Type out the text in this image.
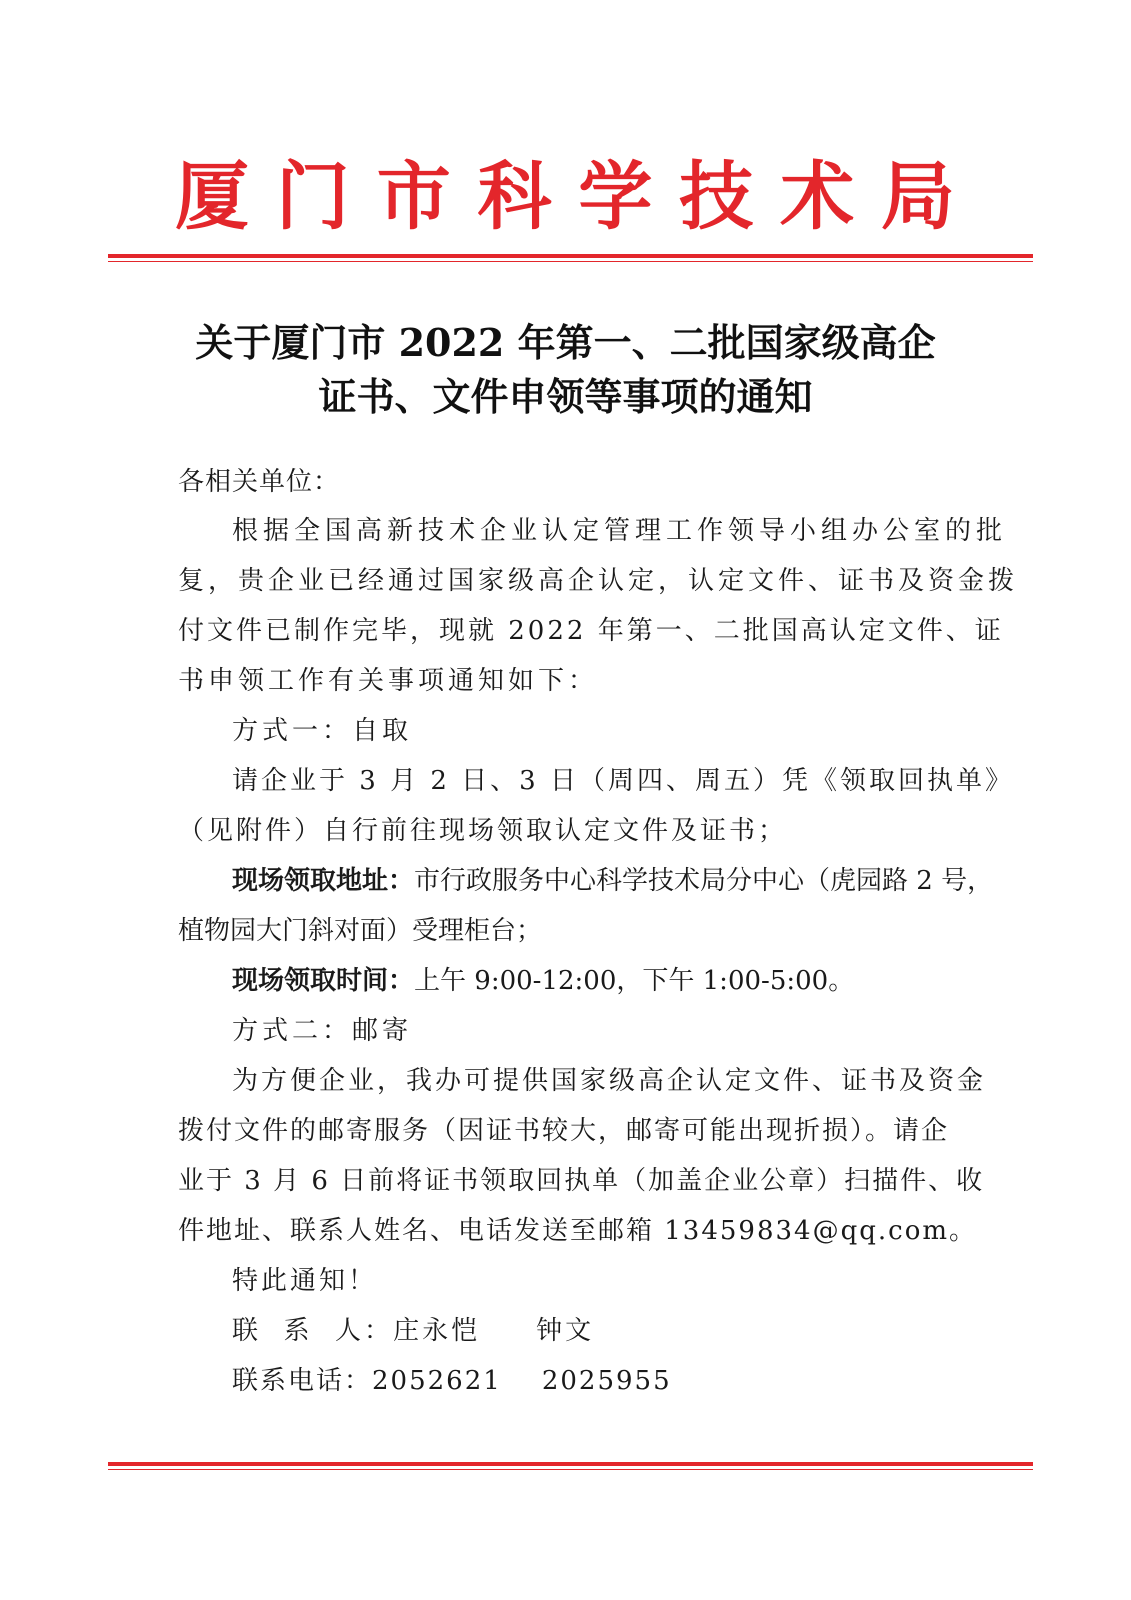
厦 门 市 科 学 技 术 局
关于厦门市 2022 年第一、二批国家级高企
证书、文件申领等事项的通知
各相关单位：
根据全国高新技术企业认定管理工作领导小组办公室的批
复，贵企业已经通过国家级高企认定，认定文件、证书及资金拨
付文件已制作完毕，现就 2022 年第一、二批国高认定文件、证
书申领工作有关事项通知如下：
方式一：自取
请企业于 3 月 2 日、3 日（周四、周五）凭《领取回执单》
（见附件）自行前往现场领取认定文件及证书；
现场领取地址：市行政服务中心科学技术局分中心（虎园路 2 号，
植物园大门斜对面）受理柜台；
现场领取时间：上午 9:00-12:00，下午 1:00-5:00。
方式二：邮寄
为方便企业，我办可提供国家级高企认定文件、证书及资金
拨付文件的邮寄服务（因证书较大，邮寄可能出现折损）。请企
业于 3 月 6 日前将证书领取回执单（加盖企业公章）扫描件、收
件地址、联系人姓名、电话发送至邮箱 13459834@qq.com。
特此通知！
联  系  人：庄永恺 钟文
联系电话：2052621 2025955
